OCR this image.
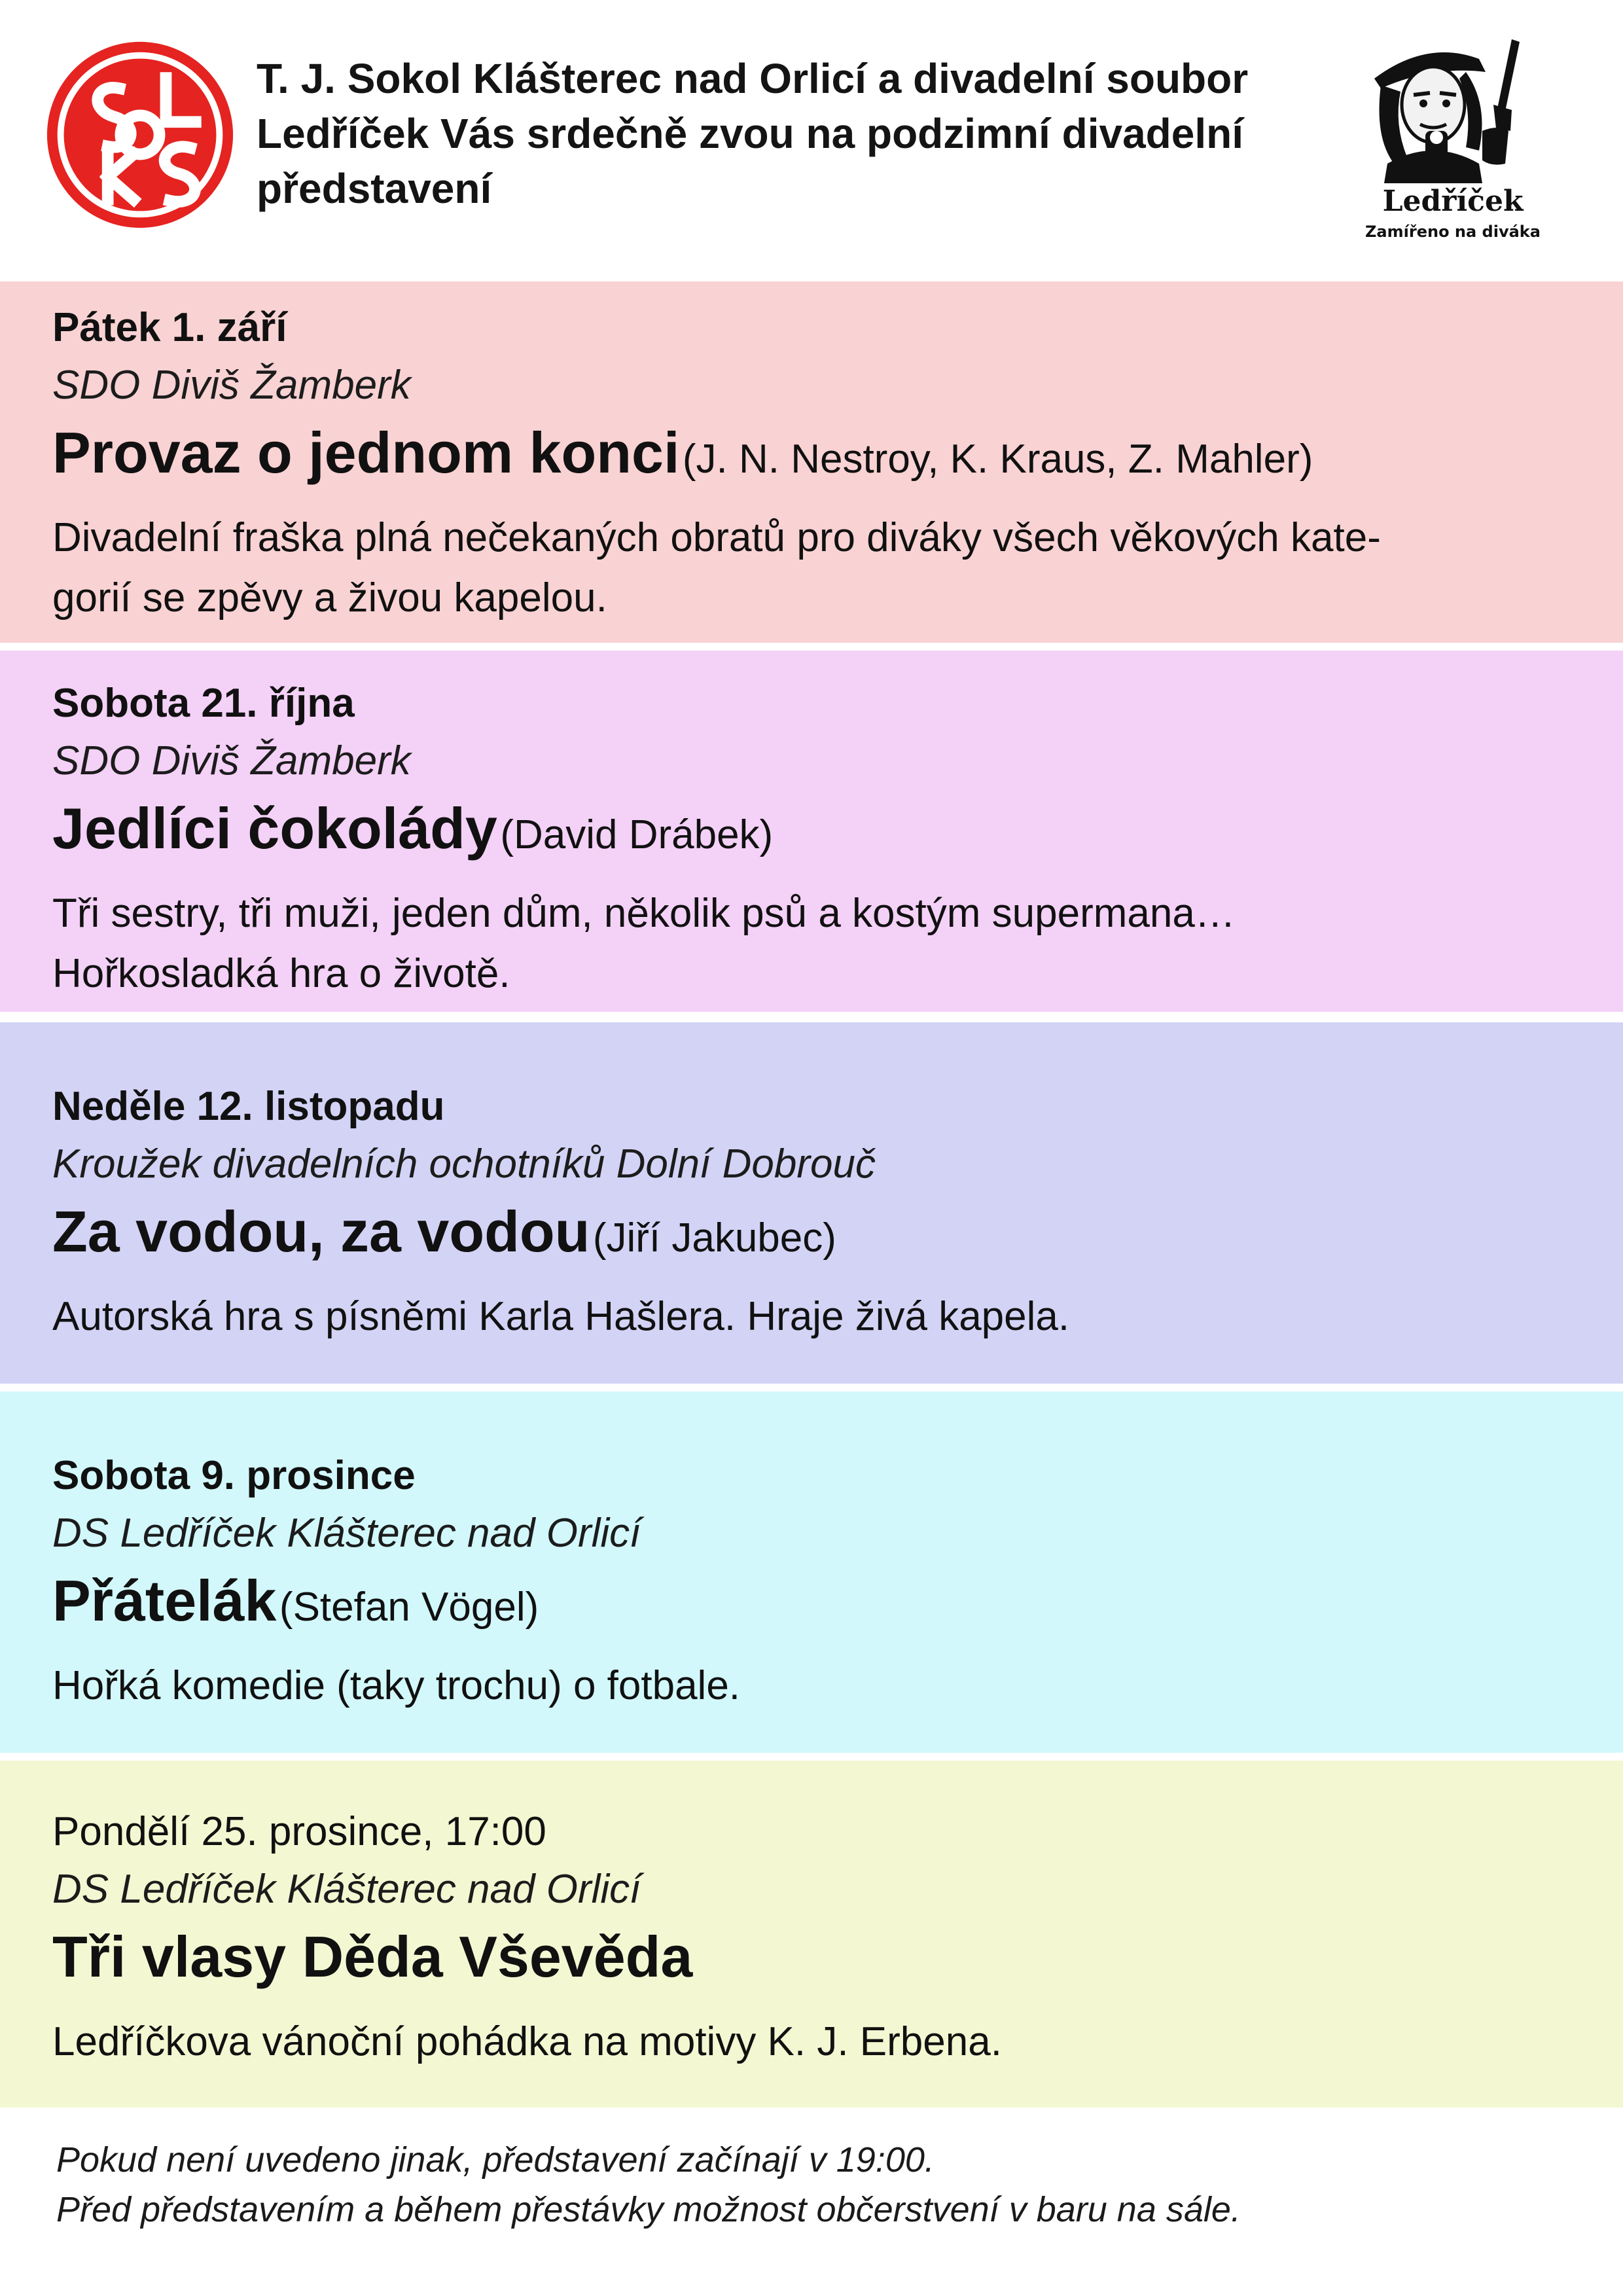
T. J. Sokol Klášterec nad Orlicí a divadelní soubor Ledříček Vás srdečně zvou na podzimní divadelní představení	Ledříček
Zamířeno na diváka
Pátek 1. září
SDO Diviš Žamberk
Provaz o jednom konci (J. N. Nestroy, K. Kraus, Z. Mahler)
Divadelní fraška plná nečekaných obratů pro diváky všech věkových kate-
gorií se zpěvy a živou kapelou.
Sobota 21. října
SDO Diviš Žamberk
Jedlíci čokolády (David Drábek)
Tři sestry, tři muži, jeden dům, několik psů a kostým supermana…
Hořkosladká hra o životě.
Neděle 12. listopadu
Kroužek divadelních ochotníků Dolní Dobrouč
Za vodou, za vodou (Jiří Jakubec)
Autorská hra s písněmi Karla Hašlera. Hraje živá kapela.
Sobota 9. prosince
DS Ledříček Klášterec nad Orlicí
Přátelák (Stefan Vögel)
Hořká komedie (taky trochu) o fotbale.
Pondělí 25. prosince, 17:00
DS Ledříček Klášterec nad Orlicí
Tři vlasy Děda Vševěda
Ledříčkova vánoční pohádka na motivy K. J. Erbena.
Pokud není uvedeno jinak, představení začínají v 19:00.
Před představením a během přestávky možnost občerstvení v baru na sále.
